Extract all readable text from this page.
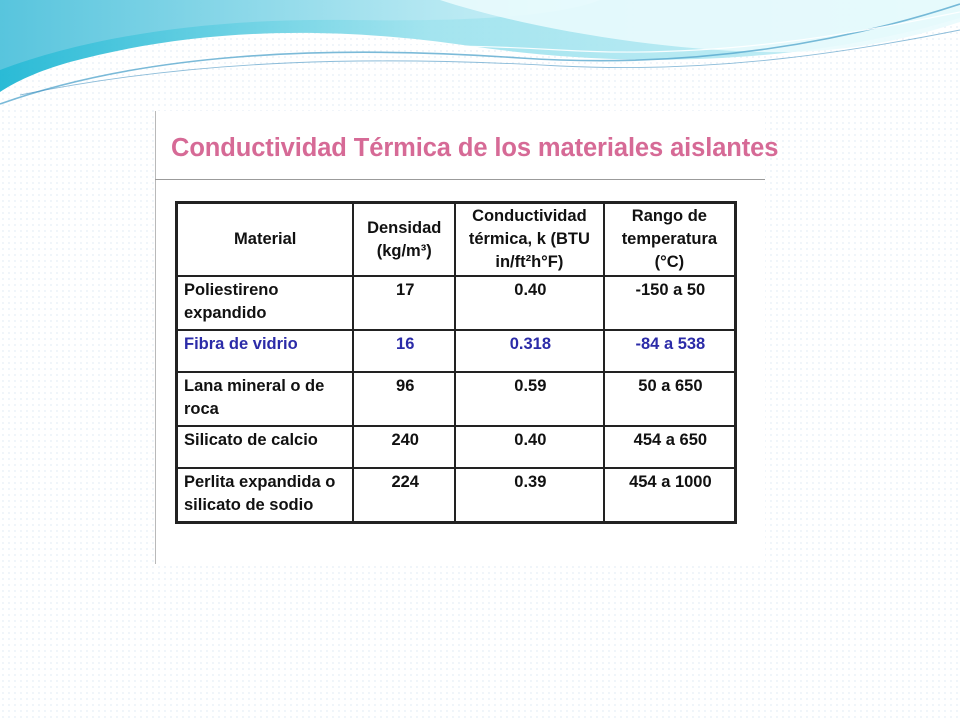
Conductividad Térmica de los materiales aislantes
Material	Densidad (kg/m³)	Conductividad térmica, k (BTU in/ft²h°F)	Rango de temperatura (°C)
Poliestireno expandido	17	0.40	-150 a 50
Fibra de vidrio	16	0.318	-84 a 538
Lana mineral o de roca	96	0.59	50 a 650
Silicato de calcio	240	0.40	454 a 650
Perlita expandida o silicato de sodio	224	0.39	454 a 1000
